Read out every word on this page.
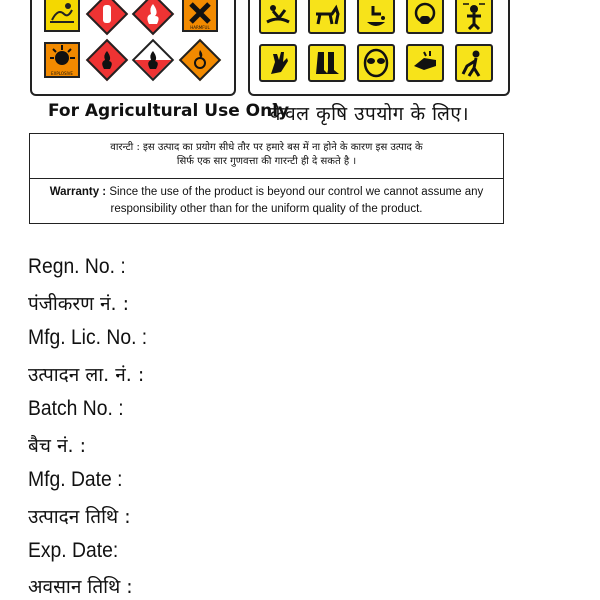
HARMFUL
EXPLOSIVE
For Agricultural Use Only
केवल कृषि उपयोग के लिए।
वारन्टी : इस उत्पाद का प्रयोग सीधे तौर पर हमारे बस में ना होने के कारण इस उत्पाद के
सिर्फ एक सार गुणवत्ता की गारन्टी ही दे सकते है ।
Warranty : Since the use of the product is beyond our control we cannot assume any
responsibility other than for the uniform quality of the product.
Regn. No. :
पंजीकरण नं. :
Mfg. Lic. No. :
उत्पादन ला. नं. :
Batch No. :
बैच नं. :
Mfg. Date :
उत्पादन तिथि :
Exp. Date:
अवसान तिथि :
